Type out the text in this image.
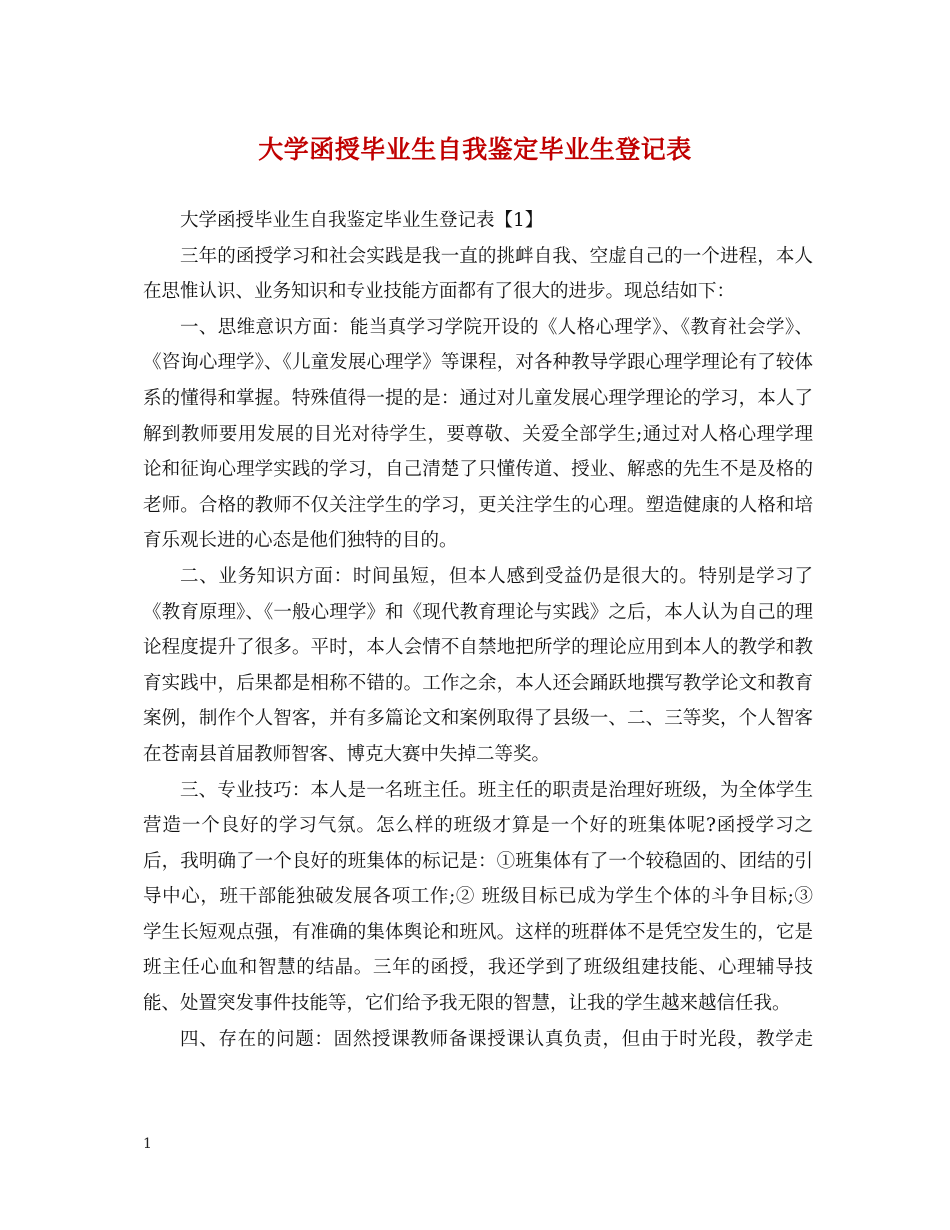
大学函授毕业生自我鉴定毕业生登记表

大学函授毕业生自我鉴定毕业生登记表【1】

三年的函授学习和社会实践是我一直的挑衅自我、空虚自己的一个进程，本人在思惟认识、业务知识和专业技能方面都有了很大的进步。现总结如下：

一、思维意识方面：能当真学习学院开设的《人格心理学》、《教育社会学》、《咨询心理学》、《儿童发展心理学》等课程，对各种教导学跟心理学理论有了较体系的懂得和掌握。特殊值得一提的是：通过对儿童发展心理学理论的学习，本人了解到教师要用发展的目光对待学生，要尊敬、关爱全部学生;通过对人格心理学理论和征询心理学实践的学习，自己清楚了只懂传道、授业、解惑的先生不是及格的老师。合格的教师不仅关注学生的学习，更关注学生的心理。塑造健康的人格和培育乐观长进的心态是他们独特的目的。

二、业务知识方面：时间虽短，但本人感到受益仍是很大的。特别是学习了《教育原理》、《一般心理学》和《现代教育理论与实践》之后，本人认为自己的理论程度提升了很多。平时，本人会情不自禁地把所学的理论应用到本人的教学和教育实践中，后果都是相称不错的。工作之余，本人还会踊跃地撰写教学论文和教育案例，制作个人智客，并有多篇论文和案例取得了县级一、二、三等奖，个人智客在苍南县首届教师智客、博克大赛中失掉二等奖。

三、专业技巧：本人是一名班主任。班主任的职责是治理好班级，为全体学生营造一个良好的学习气氛。怎么样的班级才算是一个好的班集体呢?函授学习之后，我明确了一个良好的班集体的标记是：①班集体有了一个较稳固的、团结的引导中心，班干部能独破发展各项工作;② 班级目标已成为学生个体的斗争目标;③ 学生长短观点强，有准确的集体舆论和班风。这样的班群体不是凭空发生的，它是班主任心血和智慧的结晶。三年的函授，我还学到了班级组建技能、心理辅导技能、处置突发事件技能等，它们给予我无限的智慧，让我的学生越来越信任我。

四、存在的问题：固然授课教师备课授课认真负责，但由于时光段，教学走

1
